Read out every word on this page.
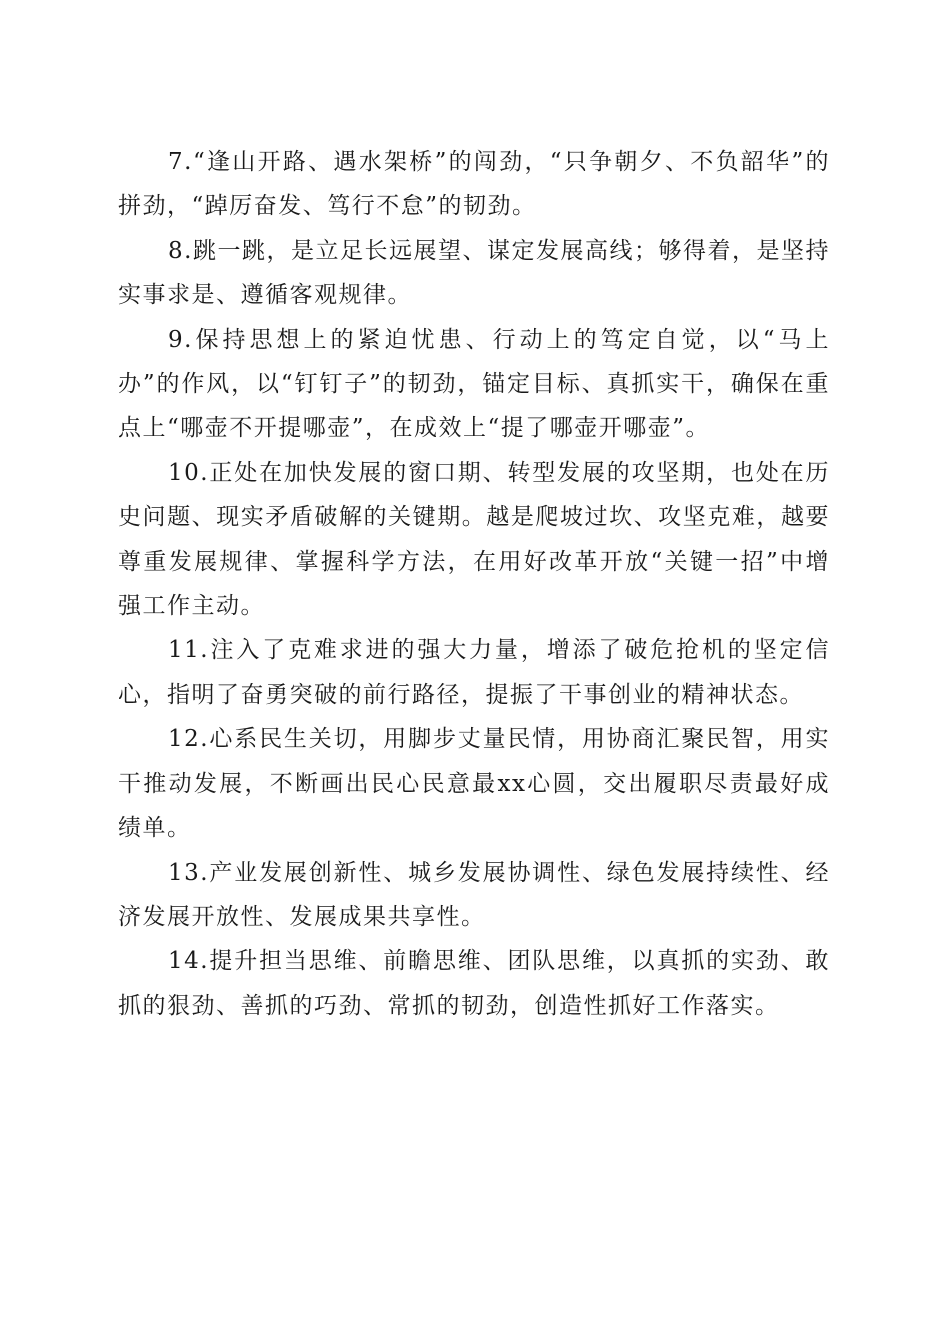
7.“逢山开路、遇水架桥”的闯劲，“只争朝夕、不负韶华”的拼劲，“踔厉奋发、笃行不怠”的韧劲。

8.跳一跳，是立足长远展望、谋定发展高线；够得着，是坚持实事求是、遵循客观规律。

9.保持思想上的紧迫忧患、行动上的笃定自觉，以“马上办”的作风，以“钉钉子”的韧劲，锚定目标、真抓实干，确保在重点上“哪壶不开提哪壶”，在成效上“提了哪壶开哪壶”。

10.正处在加快发展的窗口期、转型发展的攻坚期，也处在历史问题、现实矛盾破解的关键期。越是爬坡过坎、攻坚克难，越要尊重发展规律、掌握科学方法，在用好改革开放“关键一招”中增强工作主动。

11.注入了克难求进的强大力量，增添了破危抢机的坚定信心，指明了奋勇突破的前行路径，提振了干事创业的精神状态。

12.心系民生关切，用脚步丈量民情，用协商汇聚民智，用实干推动发展，不断画出民心民意最xx心圆，交出履职尽责最好成绩单。

13.产业发展创新性、城乡发展协调性、绿色发展持续性、经济发展开放性、发展成果共享性。

14.提升担当思维、前瞻思维、团队思维，以真抓的实劲、敢抓的狠劲、善抓的巧劲、常抓的韧劲，创造性抓好工作落实。
